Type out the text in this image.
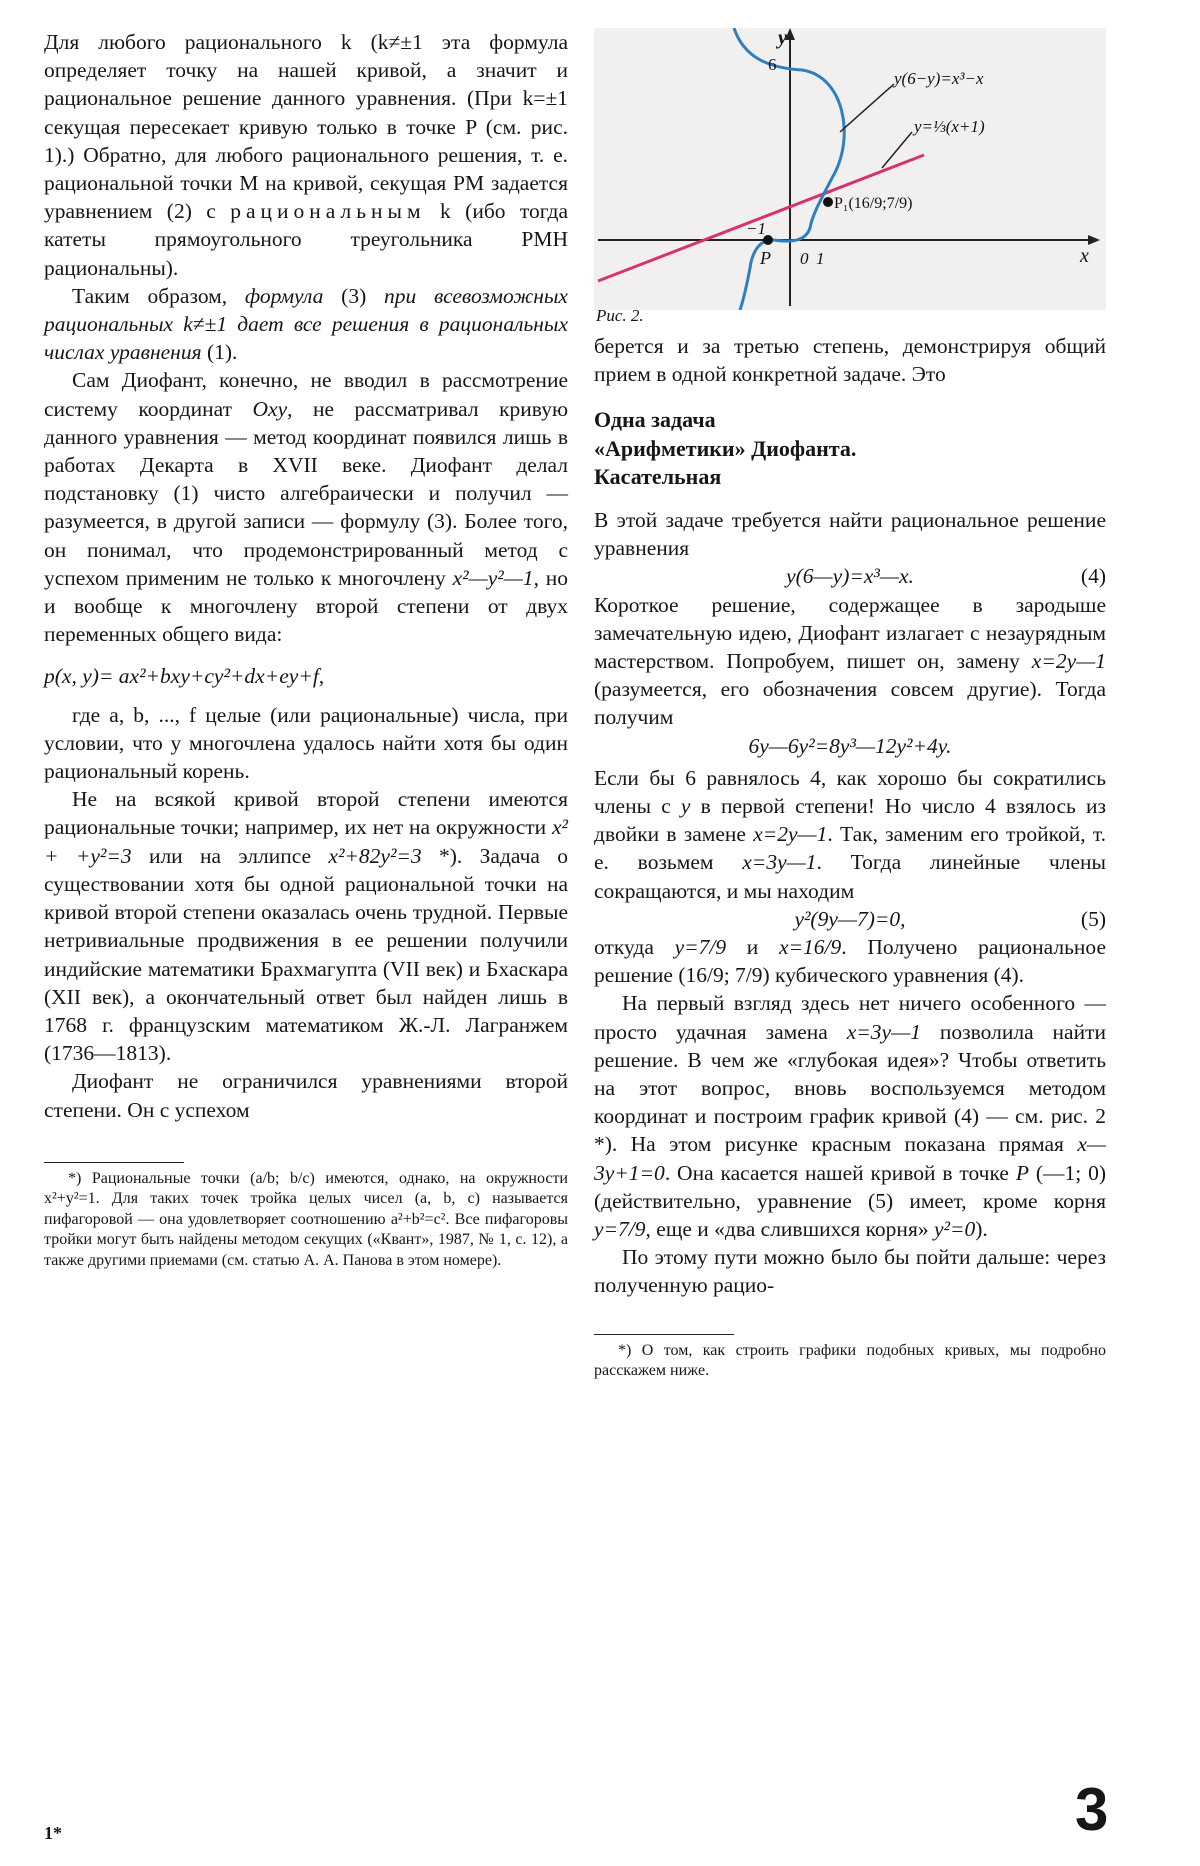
Для любого рационального k (k≠±1 эта формула определяет точку на нашей кривой, а значит и рациональное решение данного уравнения. (При k=±1 секущая пересекает кривую только в точке P (см. рис. 1).) Обратно, для любого рационального решения, т. е. рациональной точки M на кривой, секущая PM задается уравнением (2) с рациональным k (ибо тогда катеты прямоугольного треугольника PMH рациональны).

Таким образом, формула (3) при всевозможных рациональных k≠±1 дает все решения в рациональных числах уравнения (1).

Сам Диофант, конечно, не вводил в рассмотрение систему координат Oxy, не рассматривал кривую данного уравнения — метод координат появился лишь в работах Декарта в XVII веке. Диофант делал подстановку (1) чисто алгебраически и получил — разумеется, в другой записи — формулу (3). Более того, он понимал, что продемонстрированный метод с успехом применим не только к многочлену x²—y²—1, но и вообще к многочлену второй степени от двух переменных общего вида:

p(x, y)= ax²+bxy+cy²+dx+ey+f,

где a, b, ..., f целые (или рациональные) числа, при условии, что у многочлена удалось найти хотя бы один рациональный корень.

Не на всякой кривой второй степени имеются рациональные точки; например, их нет на окружности x² + +y²=3 или на эллипсе x²+82y²=3 *). Задача о существовании хотя бы одной рациональной точки на кривой второй степени оказалась очень трудной. Первые нетривиальные продвижения в ее решении получили индийские математики Брахмагупта (VII век) и Бхаскара (XII век), а окончательный ответ был найден лишь в 1768 г. французским математиком Ж.-Л. Лагранжем (1736—1813).

Диофант не ограничился уравнениями второй степени. Он с успехом

*) Рациональные точки (a/b; b/c) имеются, однако, на окружности x²+y²=1. Для таких точек тройка целых чисел (a, b, c) называется пифагоровой — она удовлетворяет соотношению a²+b²=c². Все пифагоровы тройки могут быть найдены методом секущих («Квант», 1987, № 1, с. 12), а также другими приемами (см. статью А. А. Панова в этом номере).

y
x
6
−1
0 1
P
P₁(16/9;7/9)
y(6−y)=x³−x
y=⅓(x+1)
Рис. 2.

берется и за третью степень, демонстрируя общий прием в одной конкретной задаче. Это

Одна задача
«Арифметики» Диофанта.
Касательная

В этой задаче требуется найти рациональное решение уравнения

y(6—y)=x³—x.	(4)

Короткое решение, содержащее в зародыше замечательную идею, Диофант излагает с незаурядным мастерством. Попробуем, пишет он, замену x=2y—1 (разумеется, его обозначения совсем другие). Тогда получим

6y—6y²=8y³—12y²+4y.

Если бы 6 равнялось 4, как хорошо бы сократились члены с y в первой степени! Но число 4 взялось из двойки в замене x=2y—1. Так, заменим его тройкой, т. е. возьмем x=3y—1. Тогда линейные члены сокращаются, и мы находим

y²(9y—7)=0,	(5)

откуда y=7/9 и x=16/9. Получено рациональное решение (16/9; 7/9) кубического уравнения (4).

На первый взгляд здесь нет ничего особенного — просто удачная замена x=3y—1 позволила найти решение. В чем же «глубокая идея»? Чтобы ответить на этот вопрос, вновь воспользуемся методом координат и построим график кривой (4) — см. рис. 2 *). На этом рисунке красным показана прямая x—3y+1=0. Она касается нашей кривой в точке P (—1; 0) (действительно, уравнение (5) имеет, кроме корня y=7/9, еще и «два слившихся корня» y²=0).

По этому пути можно было бы пойти дальше: через полученную рацио-

*) О том, как строить графики подобных кривых, мы подробно расскажем ниже.

1*	3
